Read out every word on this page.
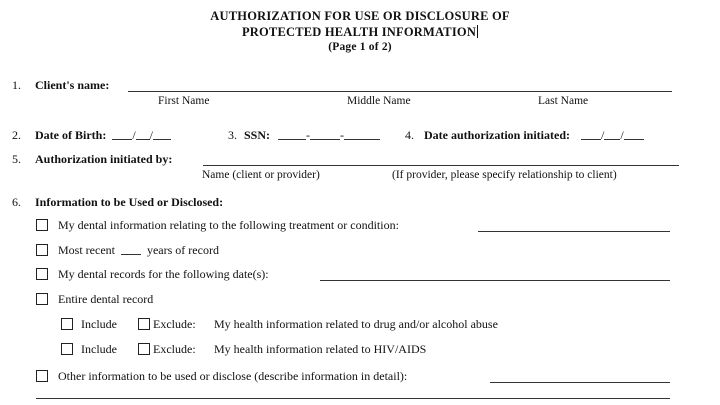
AUTHORIZATION FOR USE OR DISCLOSURE OF
PROTECTED HEALTH INFORMATION
(Page 1 of 2)
1. Client's name:
First Name	Middle Name	Last Name
2. Date of Birth: / /	3. SSN:	-	-	4. Date authorization initiated:	/ /
5. Authorization initiated by:
Name (client or provider)	(If provider, please specify relationship to client)
6. Information to be Used or Disclosed:
My dental information relating to the following treatment or condition:
Most recent	years of record
My dental records for the following date(s):
Entire dental record
Include	Exclude: My health information related to drug and/or alcohol abuse
Include	Exclude: My health information related to HIV/AIDS
Other information to be used or disclose (describe information in detail):
